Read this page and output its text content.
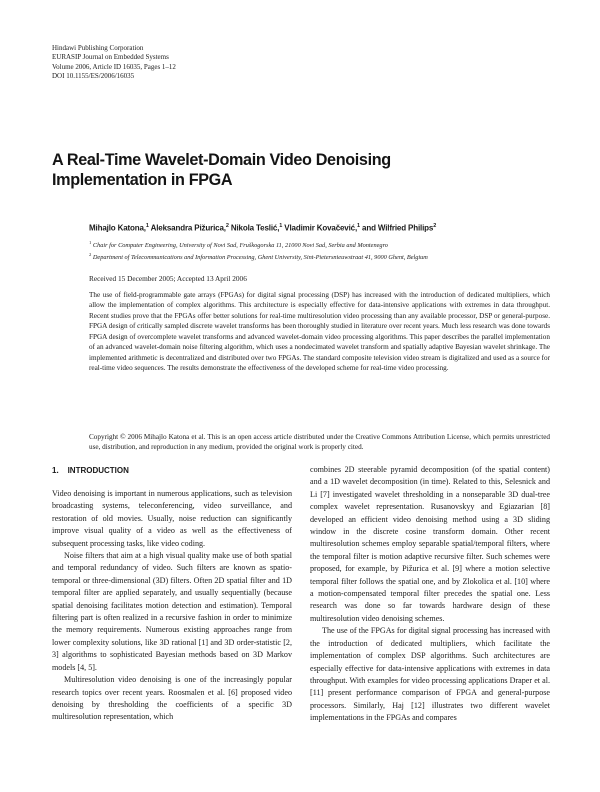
Hindawi Publishing Corporation
EURASIP Journal on Embedded Systems
Volume 2006, Article ID 16035, Pages 1–12
DOI 10.1155/ES/2006/16035
A Real-Time Wavelet-Domain Video Denoising
Implementation in FPGA
Mihajlo Katona,$^1$ Aleksandra Pižurica,$^2$ Nikola Teslić,$^1$ Vladimir Kovačević,$^1$ and Wilfried Philips$^2$
$^1$ Chair for Computer Engineering, University of Novi Sad, Fruškogorska 11, 21000 Novi Sad, Serbia and Montenegro
$^2$ Department of Telecommunications and Information Processing, Ghent University, Sint-Pietersnieuwstraat 41, 9000 Ghent, Belgium
Received 15 December 2005; Accepted 13 April 2006
The use of field-programmable gate arrays (FPGAs) for digital signal processing (DSP) has increased with the introduction of dedicated multipliers, which allow the implementation of complex algorithms. This architecture is especially effective for data-intensive applications with extremes in data throughput. Recent studies prove that the FPGAs offer better solutions for real-time multiresolution video processing than any available processor, DSP or general-purpose. FPGA design of critically sampled discrete wavelet transforms has been thoroughly studied in literature over recent years. Much less research was done towards FPGA design of overcomplete wavelet transforms and advanced wavelet-domain video processing algorithms. This paper describes the parallel implementation of an advanced wavelet-domain noise filtering algorithm, which uses a nondecimated wavelet transform and spatially adaptive Bayesian wavelet shrinkage. The implemented arithmetic is decentralized and distributed over two FPGAs. The standard composite television video stream is digitalized and used as a source for real-time video sequences. The results demonstrate the effectiveness of the developed scheme for real-time video processing.
Copyright © 2006 Mihajlo Katona et al. This is an open access article distributed under the Creative Commons Attribution License, which permits unrestricted use, distribution, and reproduction in any medium, provided the original work is properly cited.
1. INTRODUCTION

Video denoising is important in numerous applications, such as television broadcasting systems, teleconferencing, video surveillance, and restoration of old movies. Usually, noise reduction can significantly improve visual quality of a video as well as the effectiveness of subsequent processing tasks, like video coding.

Noise filters that aim at a high visual quality make use of both spatial and temporal redundancy of video. Such filters are known as spatio-temporal or three-dimensional (3D) filters. Often 2D spatial filter and 1D temporal filter are applied separately, and usually sequentially (because spatial denoising facilitates motion detection and estimation). Temporal filtering part is often realized in a recursive fashion in order to minimize the memory requirements. Numerous existing approaches range from lower complexity solutions, like 3D rational [1] and 3D order-statistic [2, 3] algorithms to sophisticated Bayesian methods based on 3D Markov models [4, 5].

Multiresolution video denoising is one of the increasingly popular research topics over recent years. Roosmalen et al. [6] proposed video denoising by thresholding the coefficients of a specific 3D multiresolution representation, which

combines 2D steerable pyramid decomposition (of the spatial content) and a 1D wavelet decomposition (in time). Related to this, Selesnick and Li [7] investigated wavelet thresholding in a nonseparable 3D dual-tree complex wavelet representation. Rusanovskyy and Egiazarian [8] developed an efficient video denoising method using a 3D sliding window in the discrete cosine transform domain. Other recent multiresolution schemes employ separable spatial/temporal filters, where the temporal filter is motion adaptive recursive filter. Such schemes were proposed, for example, by Pižurica et al. [9] where a motion selective temporal filter follows the spatial one, and by Zlokolica et al. [10] where a motion-compensated temporal filter precedes the spatial one. Less research was done so far towards hardware design of these multiresolution video denoising schemes.

The use of the FPGAs for digital signal processing has increased with the introduction of dedicated multipliers, which facilitate the implementation of complex DSP algorithms. Such architectures are especially effective for data-intensive applications with extremes in data throughput. With examples for video processing applications Draper et al. [11] present performance comparison of FPGA and general-purpose processors. Similarly, Haj [12] illustrates two different wavelet implementations in the FPGAs and compares
